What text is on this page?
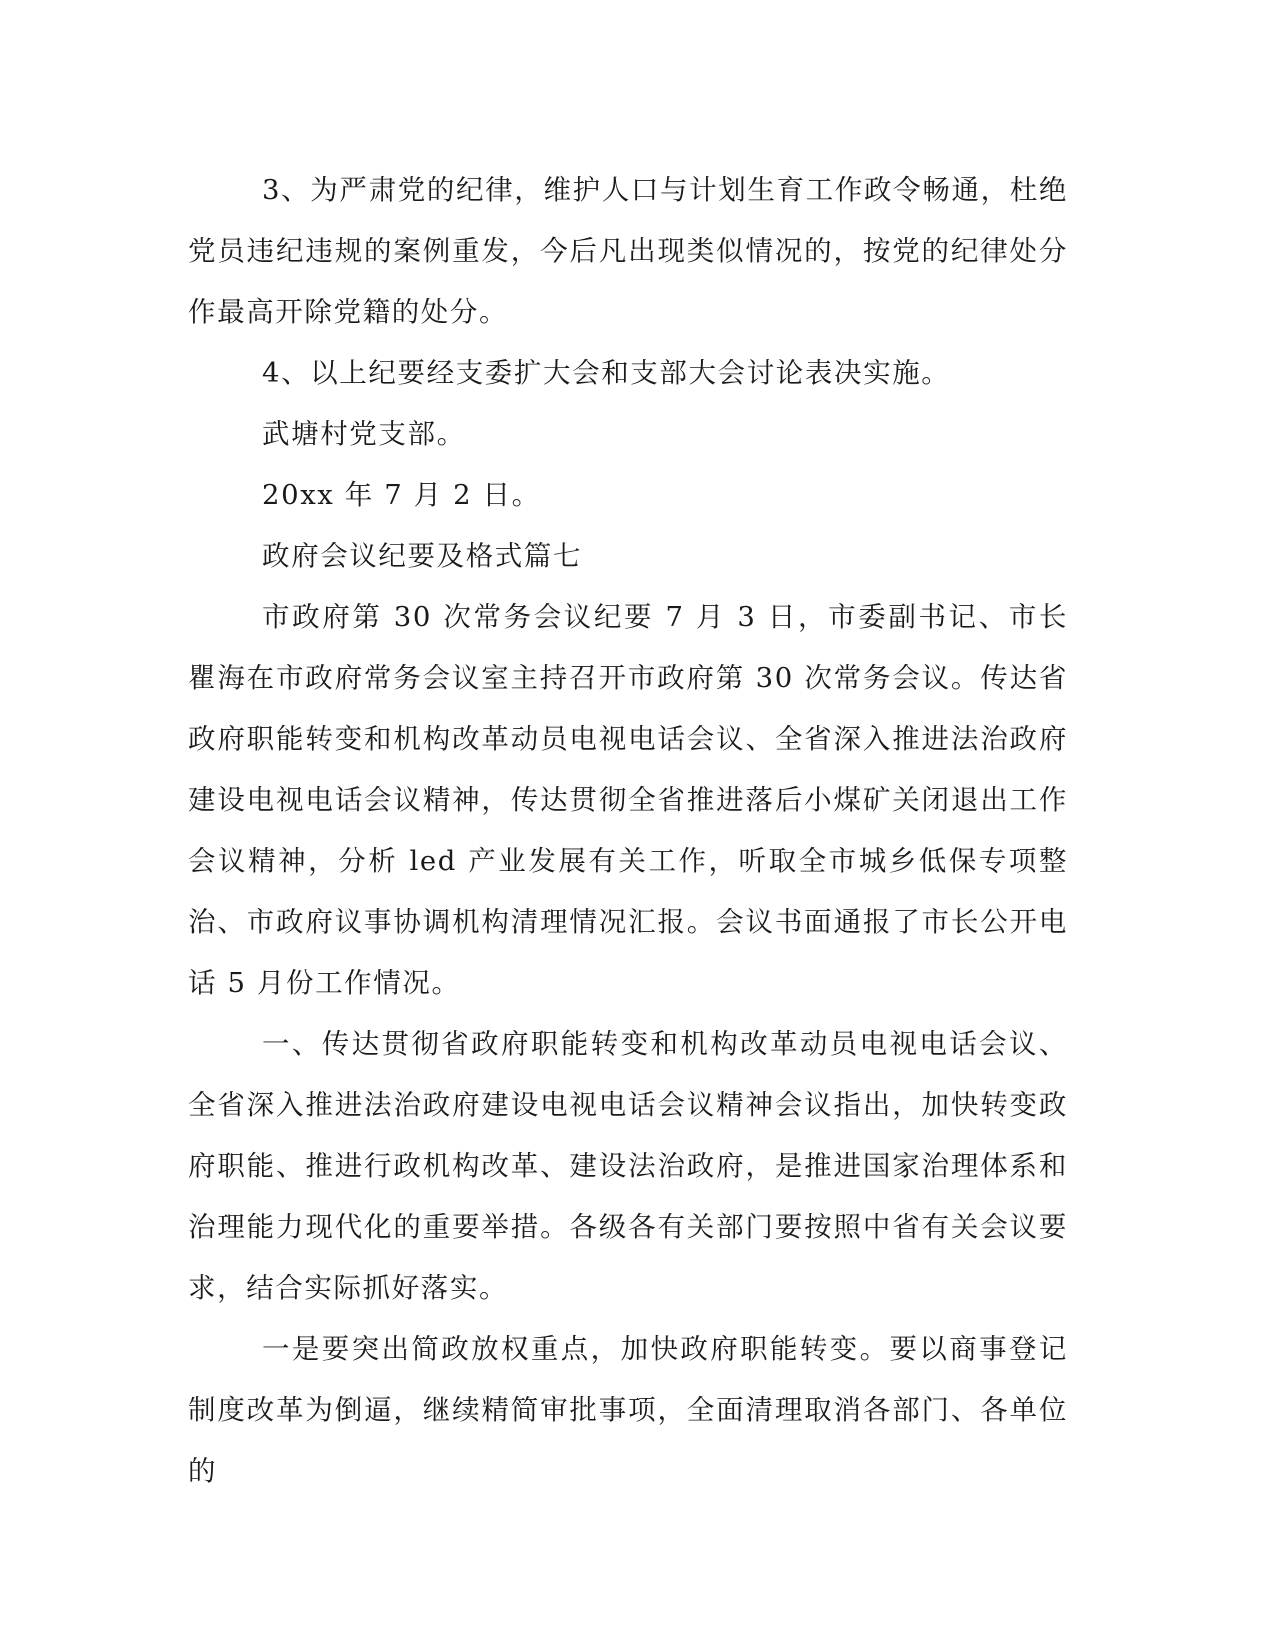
3、为严肃党的纪律，维护人口与计划生育工作政令畅通，杜绝党员违纪违规的案例重发，今后凡出现类似情况的，按党的纪律处分作最高开除党籍的处分。

4、以上纪要经支委扩大会和支部大会讨论表决实施。

武塘村党支部。

20xx 年 7 月 2 日。

政府会议纪要及格式篇七

市政府第 30 次常务会议纪要 7 月 3 日，市委副书记、市长瞿海在市政府常务会议室主持召开市政府第 30 次常务会议。传达省政府职能转变和机构改革动员电视电话会议、全省深入推进法治政府建设电视电话会议精神，传达贯彻全省推进落后小煤矿关闭退出工作会议精神，分析 led 产业发展有关工作，听取全市城乡低保专项整治、市政府议事协调机构清理情况汇报。会议书面通报了市长公开电话 5 月份工作情况。

一、传达贯彻省政府职能转变和机构改革动员电视电话会议、全省深入推进法治政府建设电视电话会议精神会议指出，加快转变政府职能、推进行政机构改革、建设法治政府，是推进国家治理体系和治理能力现代化的重要举措。各级各有关部门要按照中省有关会议要求，结合实际抓好落实。

一是要突出简政放权重点，加快政府职能转变。要以商事登记制度改革为倒逼，继续精简审批事项，全面清理取消各部门、各单位的
